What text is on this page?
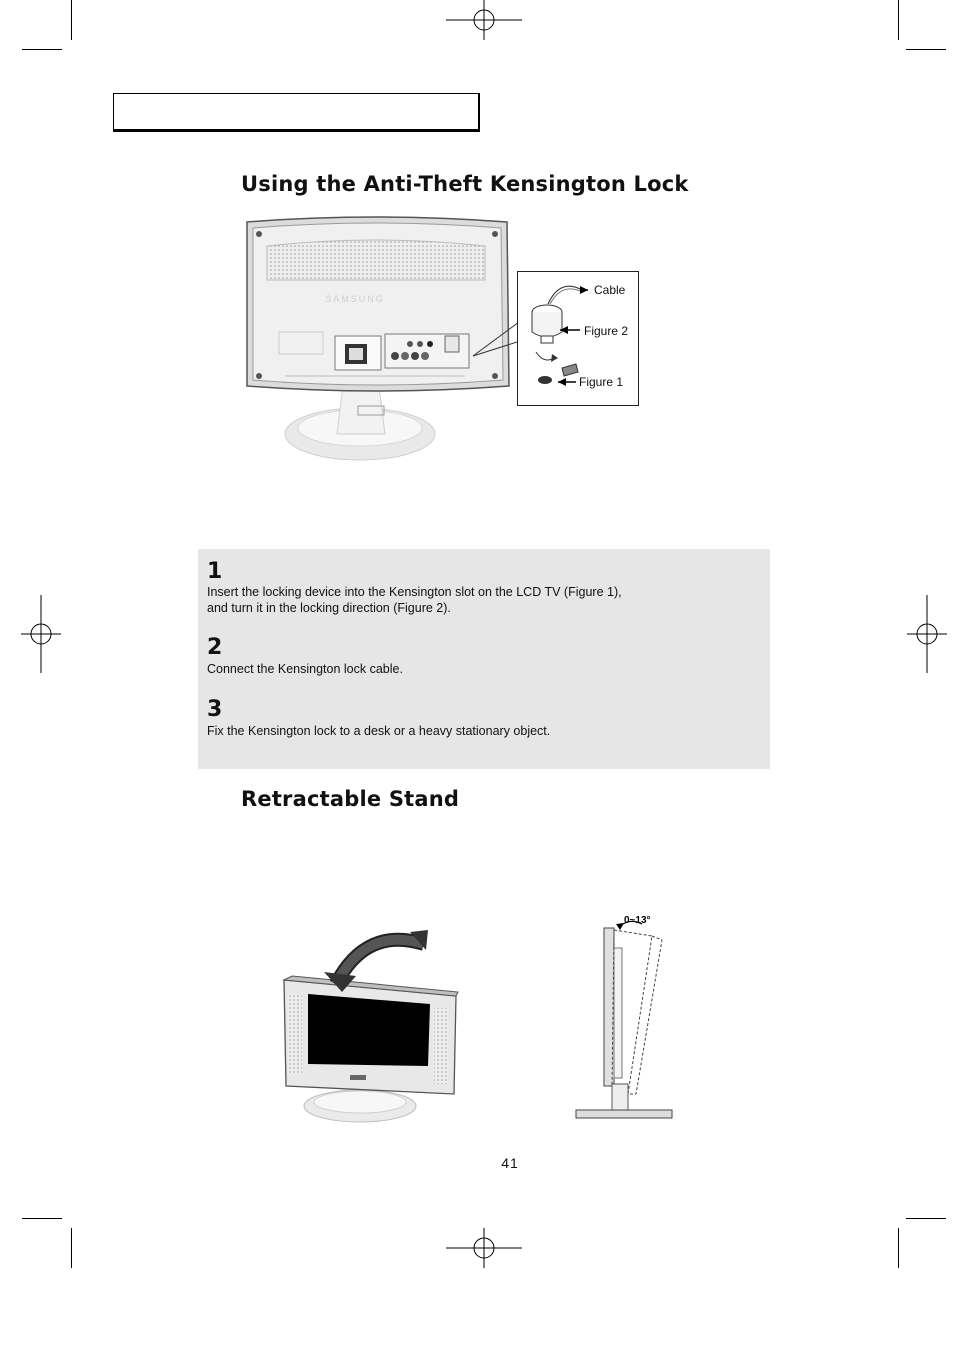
Using the Anti-Theft Kensington Lock
SAMSUNG
Cable
Figure 2
Figure 1
1
Insert the locking device into the Kensington slot on the LCD TV (Figure 1),
and turn it in the locking direction (Figure 2).
2
Connect the Kensington lock cable.
3
Fix the Kensington lock to a desk or a heavy stationary object.
Retractable Stand
0~13°
41
